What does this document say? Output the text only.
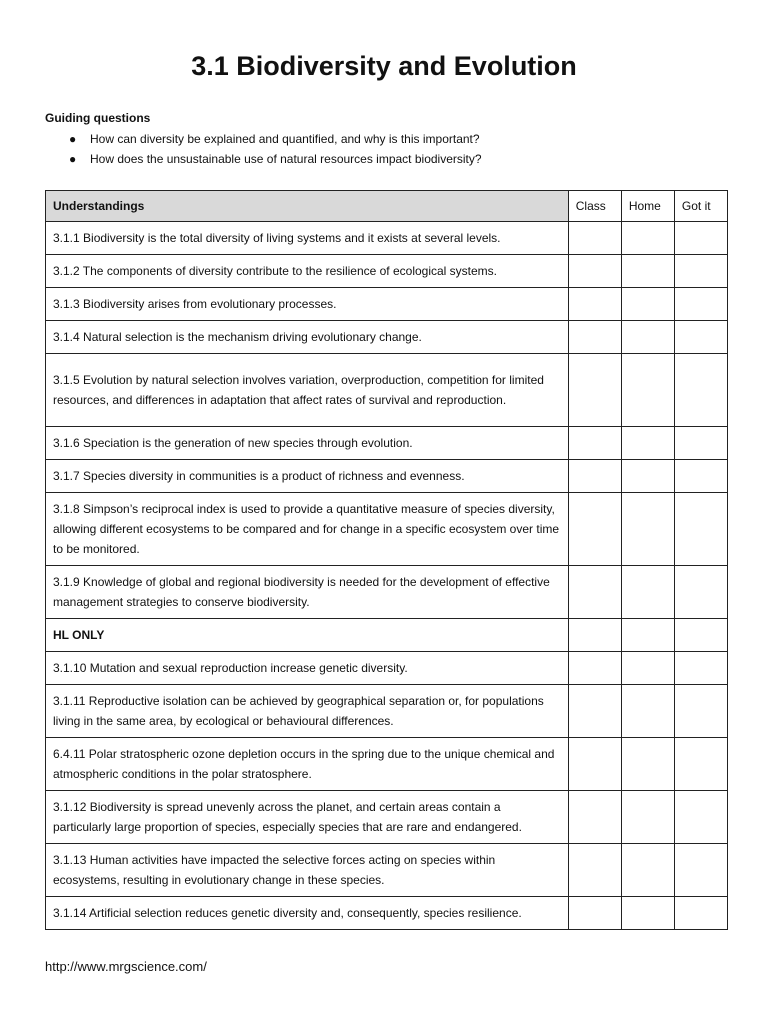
3.1 Biodiversity and Evolution
Guiding questions
● How can diversity be explained and quantified, and why is this important?
● How does the unsustainable use of natural resources impact biodiversity?
Understandings	Class	Home	Got it
3.1.1 Biodiversity is the total diversity of living systems and it exists at several levels.			
3.1.2 The components of diversity contribute to the resilience of ecological systems.			
3.1.3 Biodiversity arises from evolutionary processes.			
3.1.4 Natural selection is the mechanism driving evolutionary change.			
3.1.5 Evolution by natural selection involves variation, overproduction, competition for limited resources, and differences in adaptation that affect rates of survival and reproduction.			
3.1.6 Speciation is the generation of new species through evolution.			
3.1.7 Species diversity in communities is a product of richness and evenness.			
3.1.8 Simpson’s reciprocal index is used to provide a quantitative measure of species diversity, allowing different ecosystems to be compared and for change in a specific ecosystem over time to be monitored.			
3.1.9 Knowledge of global and regional biodiversity is needed for the development of effective management strategies to conserve biodiversity.			
HL ONLY			
3.1.10 Mutation and sexual reproduction increase genetic diversity.			
3.1.11 Reproductive isolation can be achieved by geographical separation or, for populations living in the same area, by ecological or behavioural differences.			
6.4.11 Polar stratospheric ozone depletion occurs in the spring due to the unique chemical and atmospheric conditions in the polar stratosphere.			
3.1.12 Biodiversity is spread unevenly across the planet, and certain areas contain a particularly large proportion of species, especially species that are rare and endangered.			
3.1.13 Human activities have impacted the selective forces acting on species within ecosystems, resulting in evolutionary change in these species.			
3.1.14 Artificial selection reduces genetic diversity and, consequently, species resilience.			
http://www.mrgscience.com/
